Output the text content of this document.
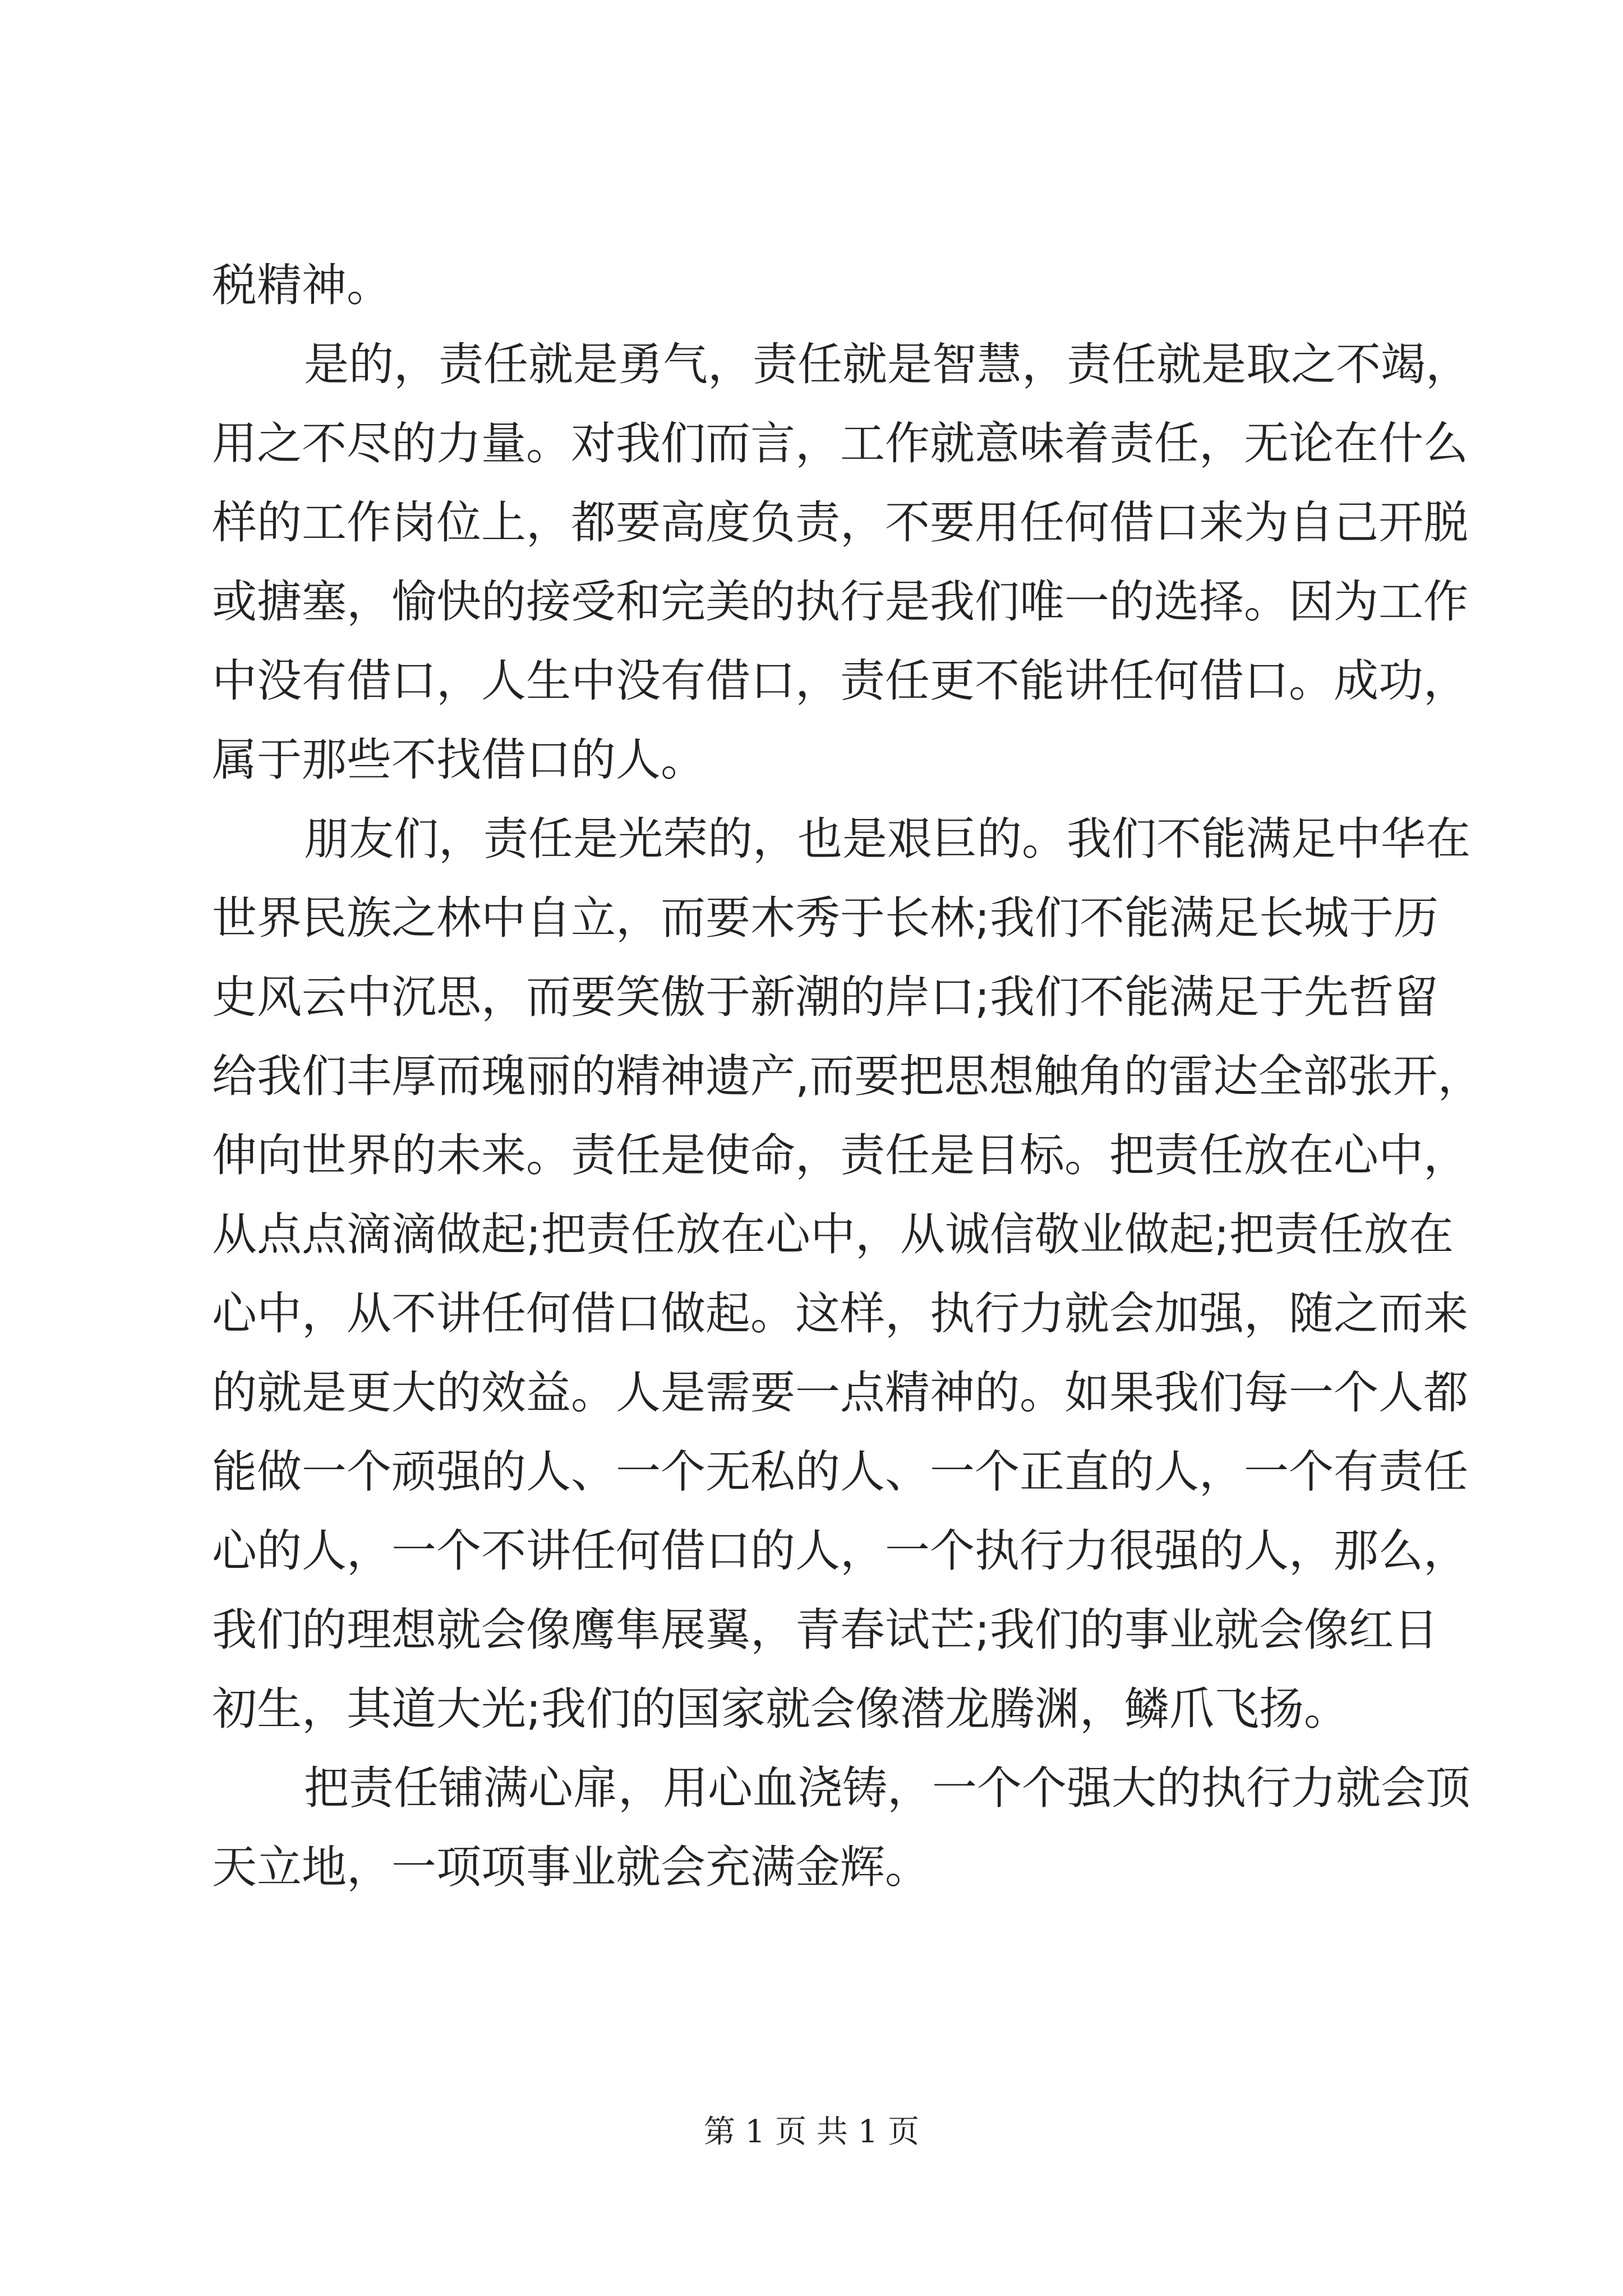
税精神。
是的，责任就是勇气，责任就是智慧，责任就是取之不竭，
用之不尽的力量。对我们而言，工作就意味着责任，无论在什么
样的工作岗位上，都要高度负责，不要用任何借口来为自己开脱
或搪塞，愉快的接受和完美的执行是我们唯一的选择。因为工作
中没有借口，人生中没有借口，责任更不能讲任何借口。成功，
属于那些不找借口的人。
朋友们，责任是光荣的，也是艰巨的。我们不能满足中华在
世界民族之林中自立，而要木秀于长林;我们不能满足长城于历
史风云中沉思，而要笑傲于新潮的岸口;我们不能满足于先哲留
给我们丰厚而瑰丽的精神遗产,而要把思想触角的雷达全部张开，
伸向世界的未来。责任是使命，责任是目标。把责任放在心中，
从点点滴滴做起;把责任放在心中，从诚信敬业做起;把责任放在
心中，从不讲任何借口做起。这样，执行力就会加强，随之而来
的就是更大的效益。人是需要一点精神的。如果我们每一个人都
能做一个顽强的人、一个无私的人、一个正直的人，一个有责任
心的人，一个不讲任何借口的人，一个执行力很强的人，那么，
我们的理想就会像鹰隼展翼，青春试芒;我们的事业就会像红日
初生，其道大光;我们的国家就会像潜龙腾渊，鳞爪飞扬。
把责任铺满心扉，用心血浇铸，一个个强大的执行力就会顶
天立地，一项项事业就会充满金辉。
第 1 页 共 1 页
